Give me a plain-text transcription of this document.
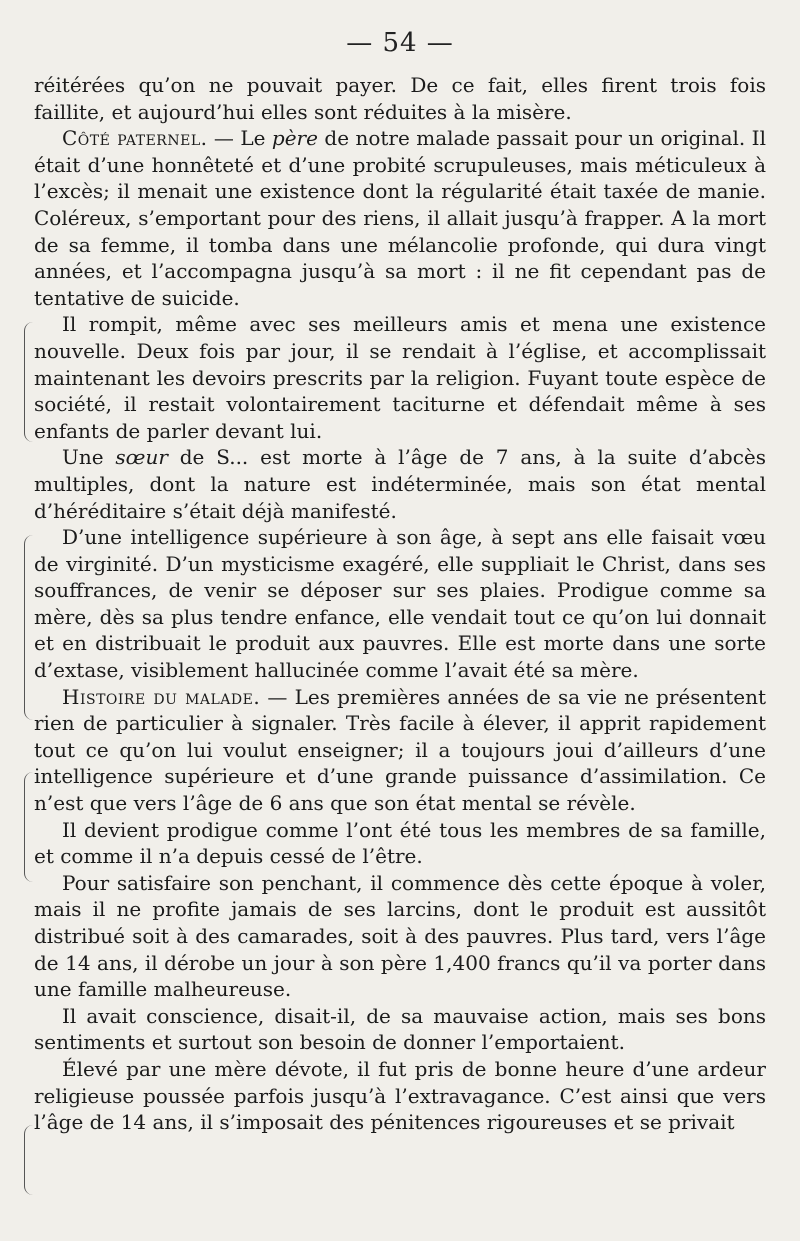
— 54 —

réitérées qu’on ne pouvait payer. De ce fait, elles firent trois fois faillite, et aujourd’hui elles sont réduites à la misère.

Côté paternel. — Le père de notre malade passait pour un original. Il était d’une honnêteté et d’une probité scrupuleuses, mais méticuleux à l’excès; il menait une existence dont la régularité était taxée de manie. Coléreux, s’emportant pour des riens, il allait jusqu’à frapper. A la mort de sa femme, il tomba dans une mélancolie profonde, qui dura vingt années, et l’accompagna jusqu’à sa mort : il ne fit cependant pas de tentative de suicide.

Il rompit, même avec ses meilleurs amis et mena une existence nouvelle. Deux fois par jour, il se rendait à l’église, et accomplissait maintenant les devoirs prescrits par la religion. Fuyant toute espèce de société, il restait volontairement taciturne et défendait même à ses enfants de parler devant lui.

Une sœur de S... est morte à l’âge de 7 ans, à la suite d’abcès multiples, dont la nature est indéterminée, mais son état mental d’héréditaire s’était déjà manifesté.

D’une intelligence supérieure à son âge, à sept ans elle faisait vœu de virginité. D’un mysticisme exagéré, elle suppliait le Christ, dans ses souffrances, de venir se déposer sur ses plaies. Prodigue comme sa mère, dès sa plus tendre enfance, elle vendait tout ce qu’on lui donnait et en distribuait le produit aux pauvres. Elle est morte dans une sorte d’extase, visiblement hallucinée comme l’avait été sa mère.

Histoire du malade. — Les premières années de sa vie ne présentent rien de particulier à signaler. Très facile à élever, il apprit rapidement tout ce qu’on lui voulut enseigner; il a toujours joui d’ailleurs d’une intelligence supérieure et d’une grande puissance d’assimilation. Ce n’est que vers l’âge de 6 ans que son état mental se révèle.

Il devient prodigue comme l’ont été tous les membres de sa famille, et comme il n’a depuis cessé de l’être.

Pour satisfaire son penchant, il commence dès cette époque à voler, mais il ne profite jamais de ses larcins, dont le produit est aussitôt distribué soit à des camarades, soit à des pauvres. Plus tard, vers l’âge de 14 ans, il dérobe un jour à son père 1,400 francs qu’il va porter dans une famille malheureuse.

Il avait conscience, disait-il, de sa mauvaise action, mais ses bons sentiments et surtout son besoin de donner l’emportaient.

Élevé par une mère dévote, il fut pris de bonne heure d’une ardeur religieuse poussée parfois jusqu’à l’extravagance. C’est ainsi que vers l’âge de 14 ans, il s’imposait des pénitences rigoureuses et se privait
